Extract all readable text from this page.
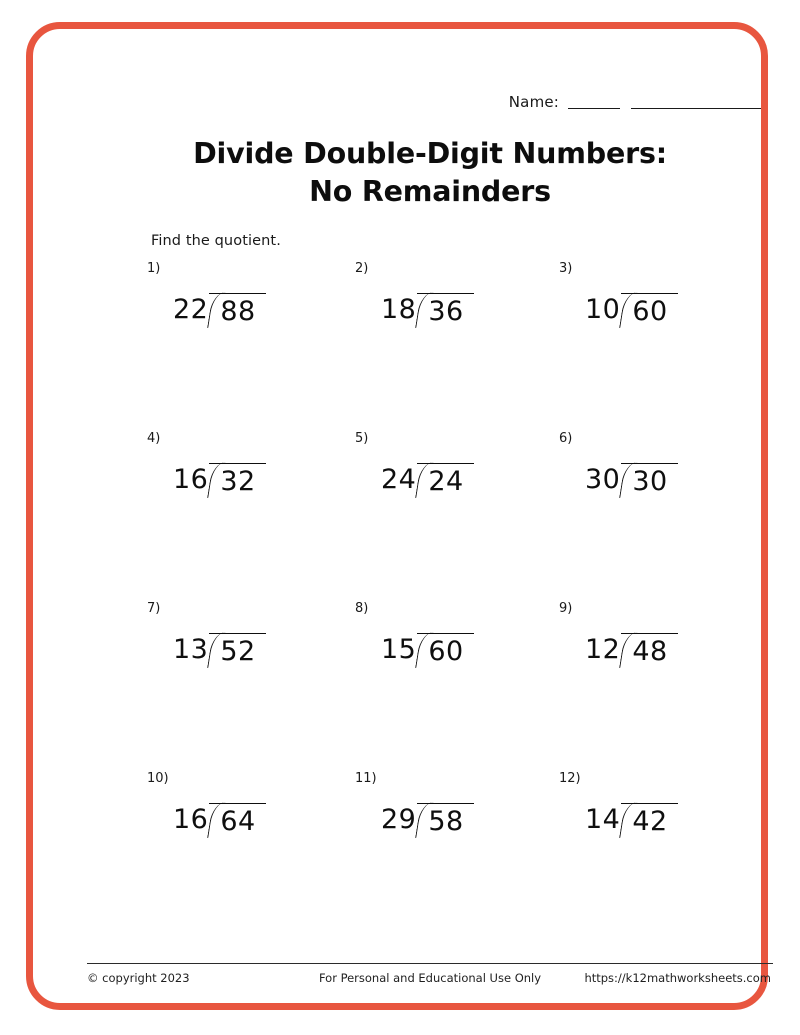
Name:
Divide Double-Digit Numbers:
No Remainders
Find the quotient.
1)
22 88
2)
18 36
3)
10 60
4)
16 32
5)
24 24
6)
30 30
7)
13 52
8)
15 60
9)
12 48
10)
16 64
11)
29 58
12)
14 42
© copyright 2023	For Personal and Educational Use Only	https://k12mathworksheets.com
